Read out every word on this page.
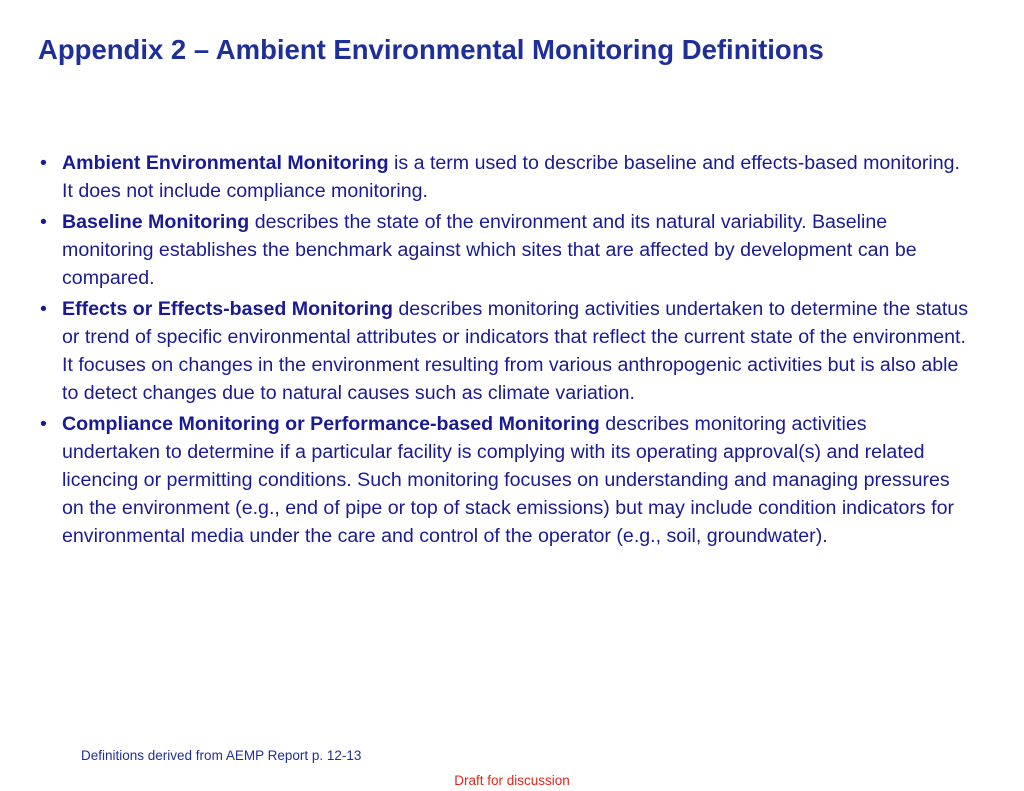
Appendix 2 – Ambient Environmental Monitoring Definitions
• Ambient Environmental Monitoring is a term used to describe baseline and effects-based monitoring. It does not include compliance monitoring.
• Baseline Monitoring describes the state of the environment and its natural variability. Baseline monitoring establishes the benchmark against which sites that are affected by development can be compared.
• Effects or Effects-based Monitoring describes monitoring activities undertaken to determine the status or trend of specific environmental attributes or indicators that reflect the current state of the environment. It focuses on changes in the environment resulting from various anthropogenic activities but is also able to detect changes due to natural causes such as climate variation.
• Compliance Monitoring or Performance-based Monitoring describes monitoring activities undertaken to determine if a particular facility is complying with its operating approval(s) and related licencing or permitting conditions. Such monitoring focuses on understanding and managing pressures on the environment (e.g., end of pipe or top of stack emissions) but may include condition indicators for environmental media under the care and control of the operator (e.g., soil, groundwater).
Definitions derived from AEMP Report p. 12-13
Draft for discussion
